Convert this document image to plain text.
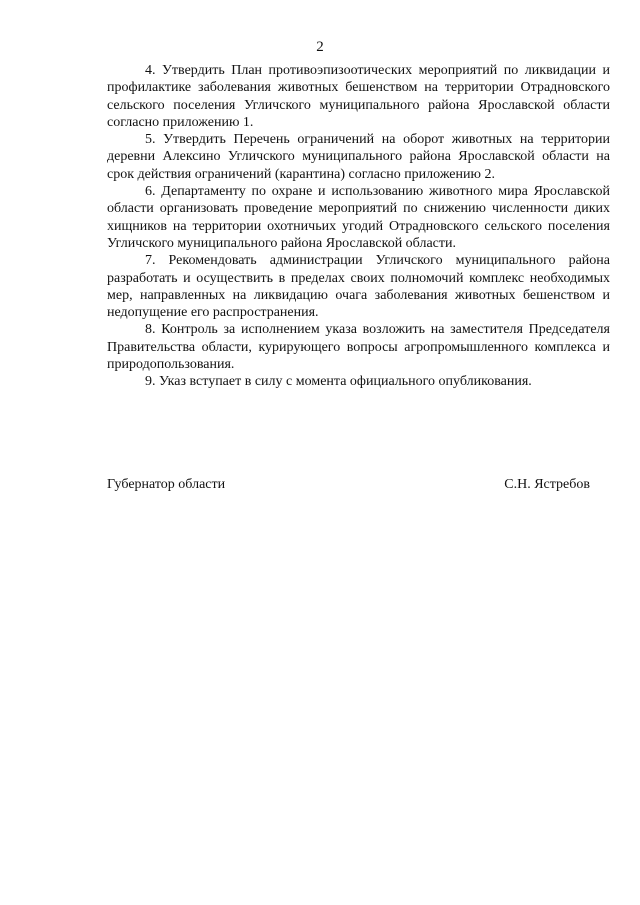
2

4. Утвердить План противоэпизоотических мероприятий по ликвидации и профилактике заболевания животных бешенством на территории Отрадновского сельского поселения Угличского муниципального района Ярославской области согласно приложению 1.

5. Утвердить Перечень ограничений на оборот животных на территории деревни Алексино Угличского муниципального района Ярославской области на срок действия ограничений (карантина) согласно приложению 2.

6. Департаменту по охране и использованию животного мира Ярославской области организовать проведение мероприятий по снижению численности диких хищников на территории охотничьих угодий Отрадновского сельского поселения Угличского муниципального района Ярославской области.

7. Рекомендовать администрации Угличского муниципального района разработать и осуществить в пределах своих полномочий комплекс необходимых мер, направленных на ликвидацию очага заболевания животных бешенством и недопущение его распространения.

8. Контроль за исполнением указа возложить на заместителя Председателя Правительства области, курирующего вопросы агропромышленного комплекса и природопользования.

9. Указ вступает в силу с момента официального опубликования.

Губернатор области	С.Н. Ястребов
